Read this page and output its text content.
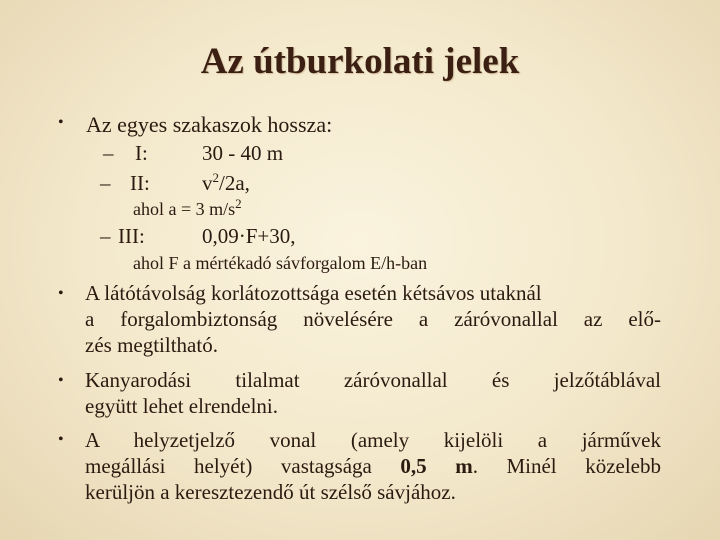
Az útburkolati jelek
• Az egyes szakaszok hossza:
– I:	30 - 40 m
– II: $v^2/2a$,
ahol a = 3 $m/s^2$
– III:	0,09·F+30,
ahol F a mértékadó sávforgalom E/h-ban
• A látótávolság korlátozottsága esetén kétsávos utaknál
a forgalombiztonság növelésére a záróvonallal az elő-
zés megtiltható.
• Kanyarodási tilalmat záróvonallal és jelzőtáblával
együtt lehet elrendelni.
• A helyzetjelző vonal (amely kijelöli a járművek
megállási helyét) vastagsága 0,5 m. Minél közelebb
kerüljön a keresztezendő út szélső sávjához.
